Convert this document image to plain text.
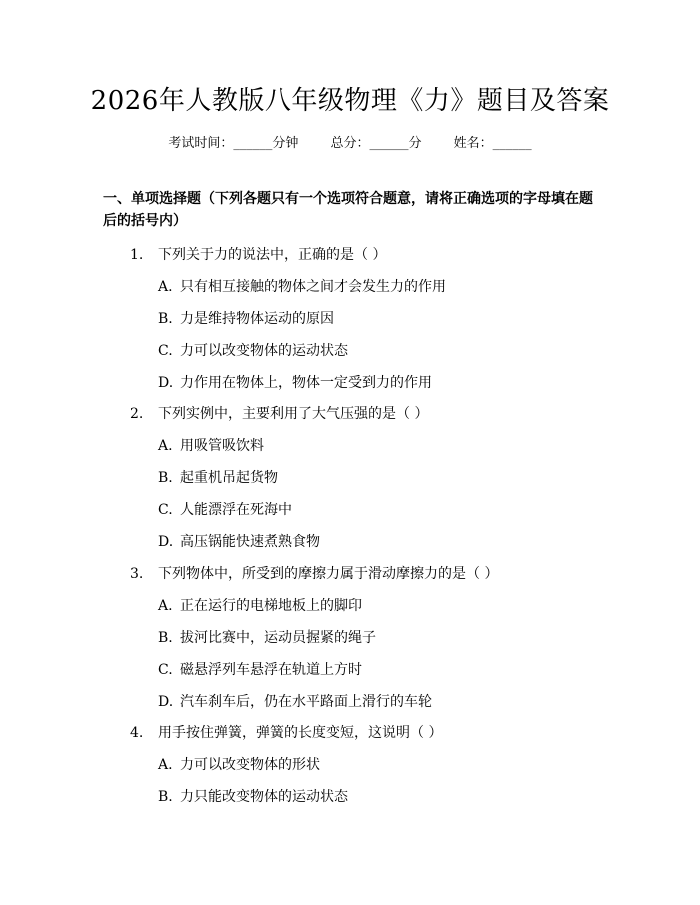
2026年人教版八年级物理《力》题目及答案
考试时间：______分钟 总分：______分 姓名：______
一、单项选择题（下列各题只有一个选项符合题意，请将正确选项的字母填在题后的括号内）
1. 下列关于力的说法中，正确的是（ ）
A. 只有相互接触的物体之间才会发生力的作用
B. 力是维持物体运动的原因
C. 力可以改变物体的运动状态
D. 力作用在物体上，物体一定受到力的作用
2. 下列实例中，主要利用了大气压强的是（ ）
A. 用吸管吸饮料
B. 起重机吊起货物
C. 人能漂浮在死海中
D. 高压锅能快速煮熟食物
3. 下列物体中，所受到的摩擦力属于滑动摩擦力的是（ ）
A. 正在运行的电梯地板上的脚印
B. 拔河比赛中，运动员握紧的绳子
C. 磁悬浮列车悬浮在轨道上方时
D. 汽车刹车后，仍在水平路面上滑行的车轮
4. 用手按住弹簧，弹簧的长度变短，这说明（ ）
A. 力可以改变物体的形状
B. 力只能改变物体的运动状态
